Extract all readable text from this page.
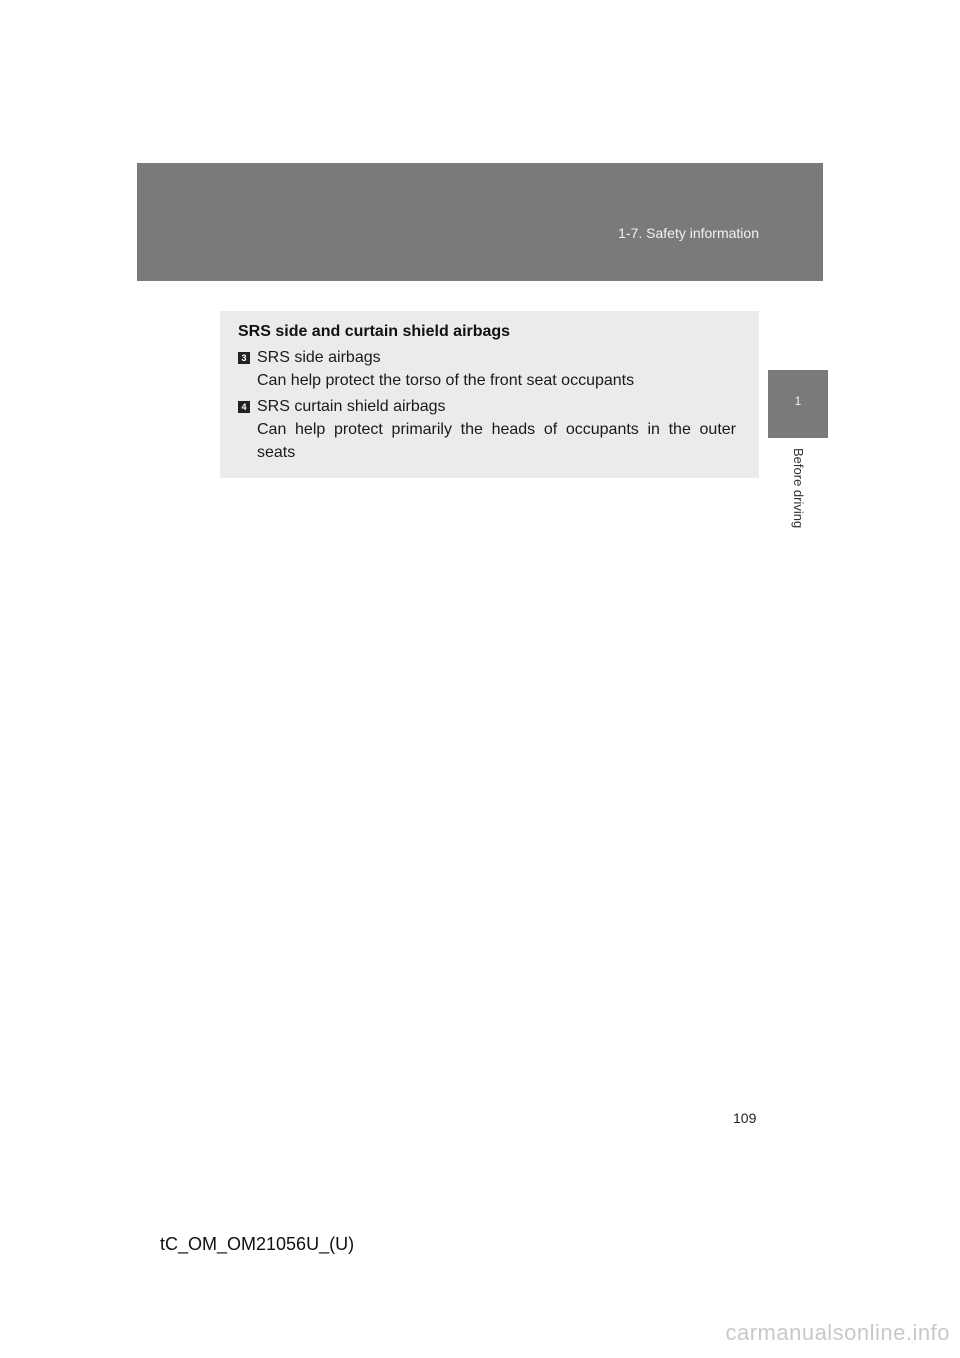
1-7. Safety information
1
Before driving
SRS side and curtain shield airbags
3 SRS side airbags
Can help protect the torso of the front seat occupants
4 SRS curtain shield airbags
Can help protect primarily the heads of occupants in the outer seats
109
tC_OM_OM21056U_(U)
carmanualsonline.info
